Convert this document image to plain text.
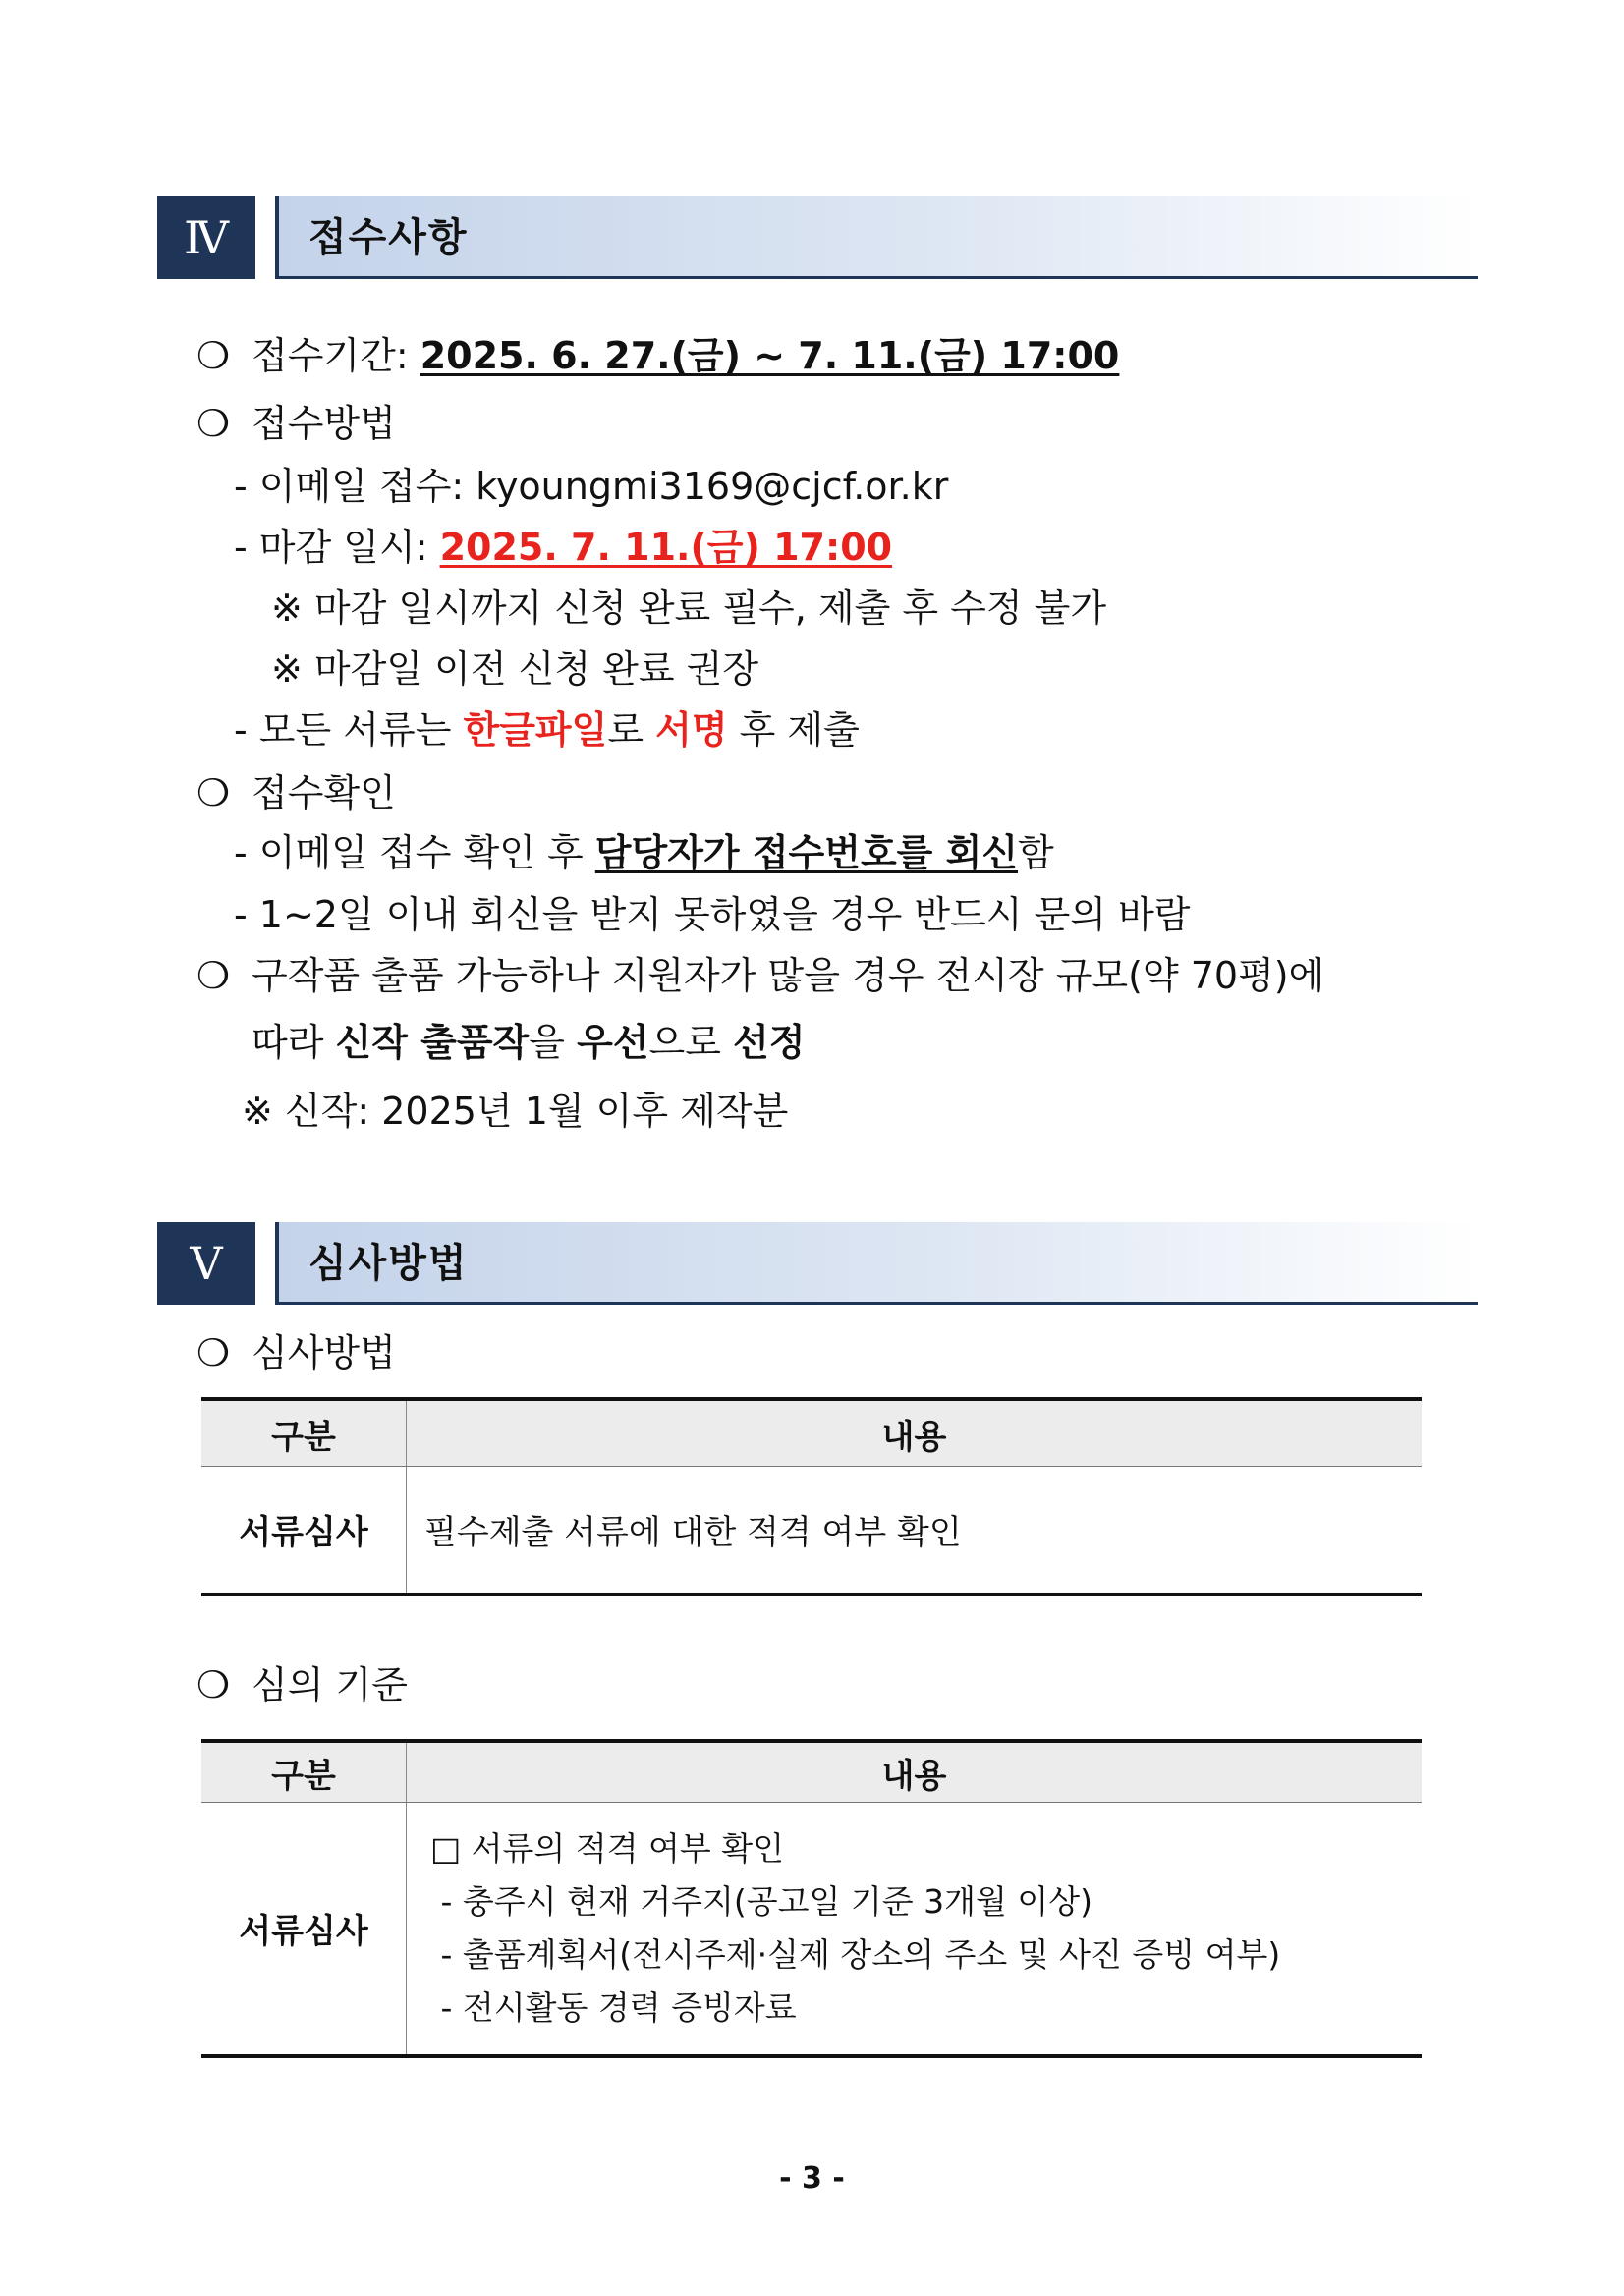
Ⅳ	접수사항
❍ 접수기간: 2025. 6. 27.(금) ~ 7. 11.(금) 17:00
❍ 접수방법
- 이메일 접수: kyoungmi3169@cjcf.or.kr
- 마감 일시: 2025. 7. 11.(금) 17:00
※ 마감 일시까지 신청 완료 필수, 제출 후 수정 불가
※ 마감일 이전 신청 완료 권장
- 모든 서류는 한글파일로 서명 후 제출
❍ 접수확인
- 이메일 접수 확인 후 담당자가 접수번호를 회신함
- 1~2일 이내 회신을 받지 못하였을 경우 반드시 문의 바람
❍ 구작품 출품 가능하나 지원자가 많을 경우 전시장 규모(약 70평)에
따라 신작 출품작을 우선으로 선정
※ 신작: 2025년 1월 이후 제작분
Ⅴ	심사방법
❍ 심사방법
구분	내용
서류심사	필수제출 서류에 대한 적격 여부 확인
❍ 심의 기준
구분	내용
서류심사	□ 서류의 적격 여부 확인
- 충주시 현재 거주지(공고일 기준 3개월 이상)
- 출품계획서(전시주제·실제 장소의 주소 및 사진 증빙 여부)
- 전시활동 경력 증빙자료
- 3 -
